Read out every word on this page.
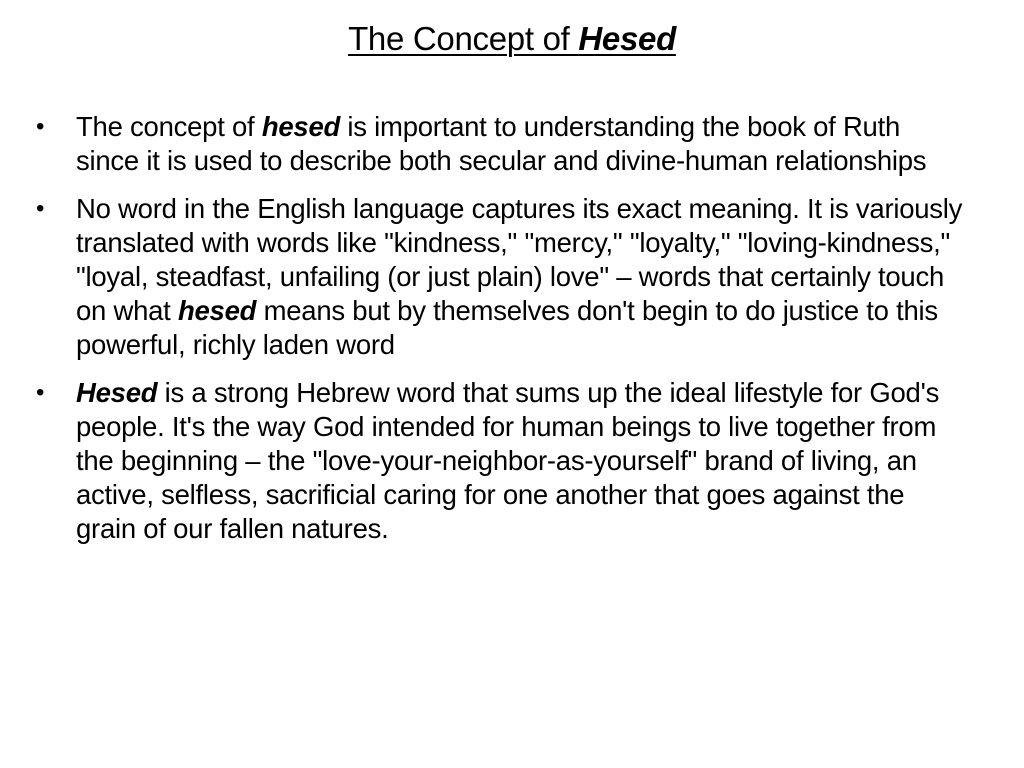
The Concept of Hesed
• The concept of hesed is important to understanding the book of Ruth since it is used to describe both secular and divine-human relationships
• No word in the English language captures its exact meaning. It is variously translated with words like "kindness," "mercy," "loyalty," "loving-kindness," "loyal, steadfast, unfailing (or just plain) love" – words that certainly touch on what hesed means but by themselves don't begin to do justice to this powerful, richly laden word
• Hesed is a strong Hebrew word that sums up the ideal lifestyle for God's people. It's the way God intended for human beings to live together from the beginning – the "love-your-neighbor-as-yourself" brand of living, an active, selfless, sacrificial caring for one another that goes against the grain of our fallen natures.
